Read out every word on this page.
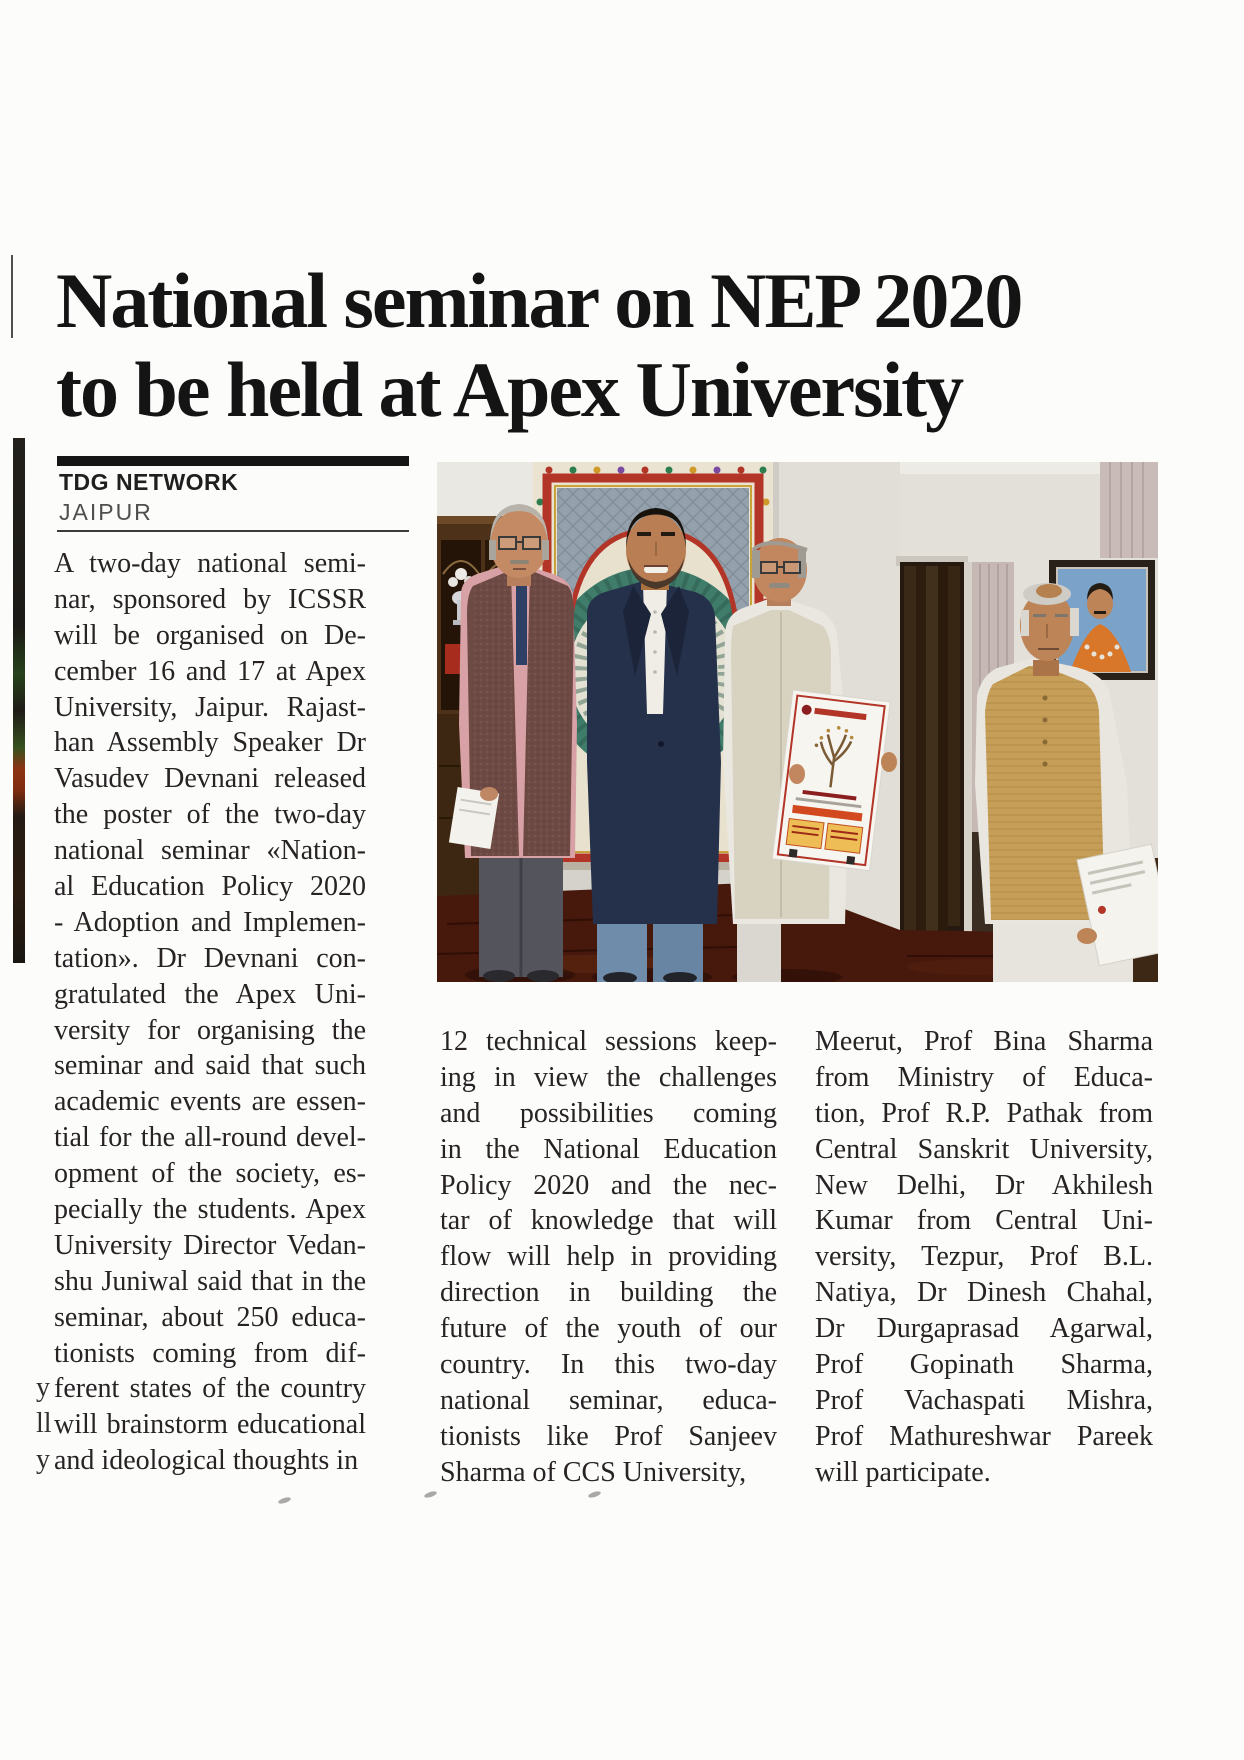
National seminar on NEP 2020
to be held at Apex University
TDG NETWORK
JAIPUR
A two-day national semi-
nar, sponsored by ICSSR
will be organised on De-
cember 16 and 17 at Apex
University, Jaipur. Rajast-
han Assembly Speaker Dr
Vasudev Devnani released
the poster of the two-day
national seminar «Nation-
al Education Policy 2020
- Adoption and Implemen-
tation». Dr Devnani con-
gratulated the Apex Uni-
versity for organising the
seminar and said that such
academic events are essen-
tial for the all-round devel-
opment of the society, es-
pecially the students. Apex
University Director Vedan-
shu Juniwal said that in the
seminar, about 250 educa-
tionists coming from dif-
ferent states of the country
will brainstorm educational
and ideological thoughts in
12 technical sessions keep-
ing in view the challenges
and possibilities coming
in the National Education
Policy 2020 and the nec-
tar of knowledge that will
flow will help in providing
direction in building the
future of the youth of our
country. In this two-day
national seminar, educa-
tionists like Prof Sanjeev
Sharma of CCS University,
Meerut, Prof Bina Sharma
from Ministry of Educa-
tion, Prof R.P. Pathak from
Central Sanskrit University,
New Delhi, Dr Akhilesh
Kumar from Central Uni-
versity, Tezpur, Prof B.L.
Natiya, Dr Dinesh Chahal,
Dr Durgaprasad Agarwal,
Prof Gopinath Sharma,
Prof Vachaspati Mishra,
Prof Mathureshwar Pareek
will participate.
y
ll
y
